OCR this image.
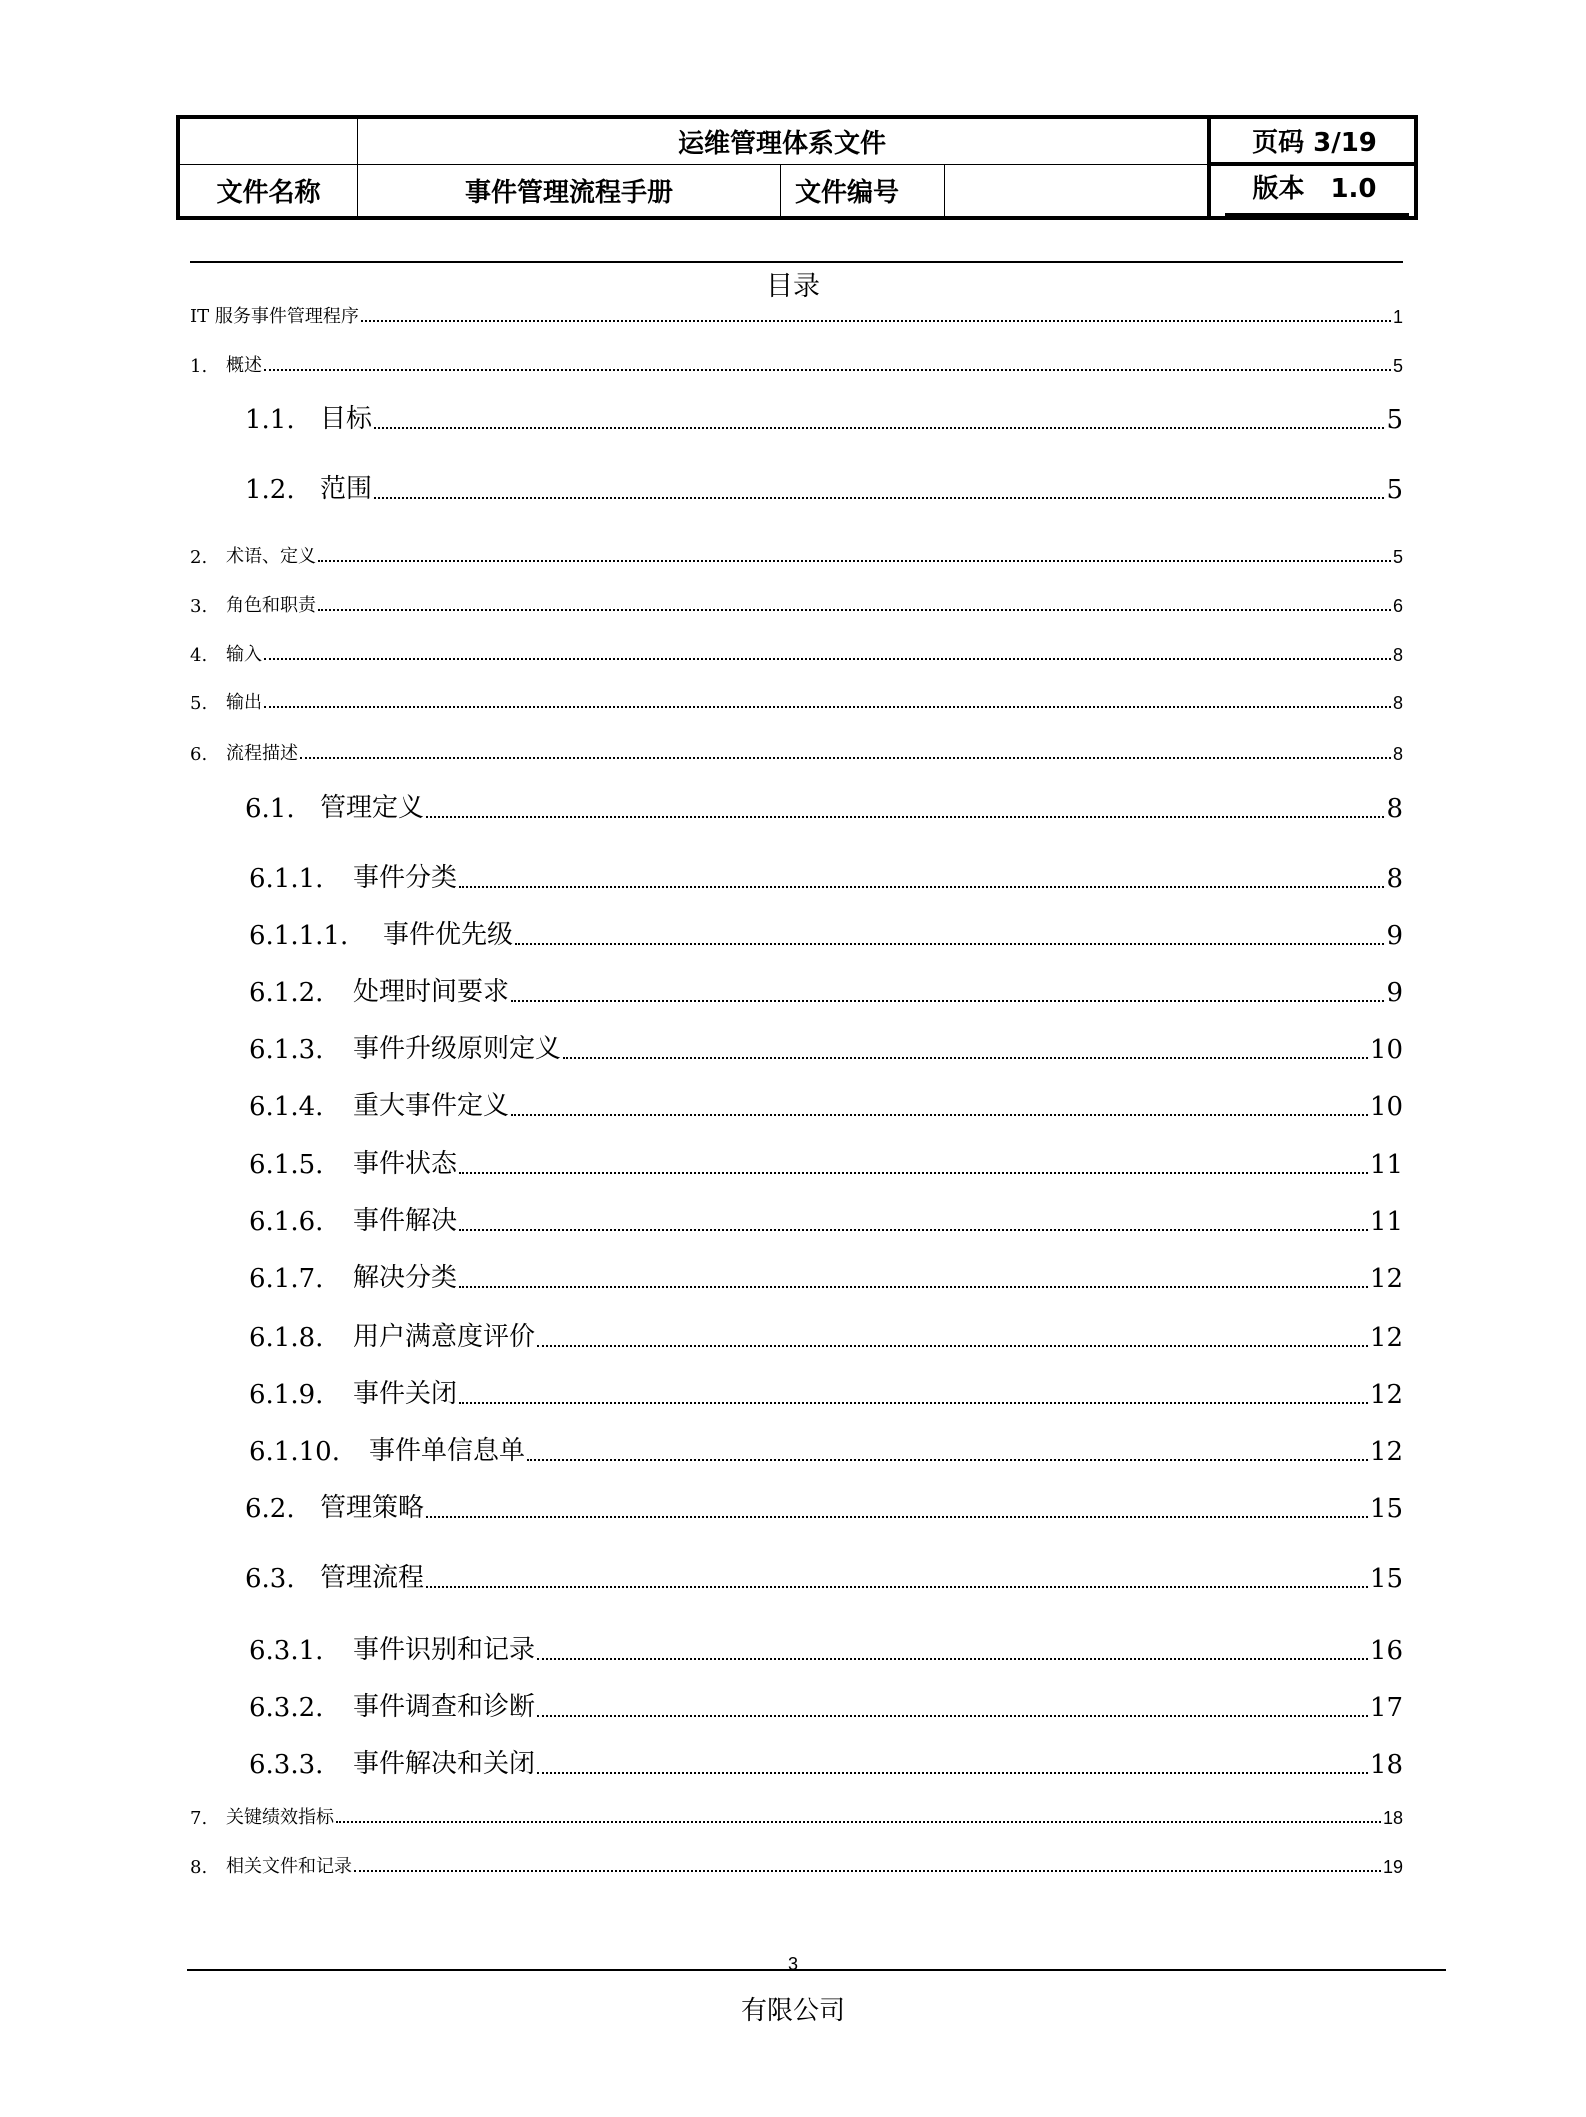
运维管理体系文件	页码 3/19
文件名称	事件管理流程手册	文件编号	版本　1.0
目录
IT 服务事件管理程序	1
1.	概述	5
1.1. 目标	5
1.2. 范围	5
2.	术语、定义	5
3.	角色和职责	6
4.	输入	8
5.	输出	8
6.	流程描述	8
6.1. 管理定义	8
6.1.1.	事件分类	8
6.1.1.1.	事件优先级	9
6.1.2.	处理时间要求	9
6.1.3.	事件升级原则定义	10
6.1.4.	重大事件定义	10
6.1.5.	事件状态	11
6.1.6.	事件解决	11
6.1.7.	解决分类	12
6.1.8.	用户满意度评价	12
6.1.9.	事件关闭	12
6.1.10.	事件单信息单	12
6.2. 管理策略	15
6.3. 管理流程	15
6.3.1.	事件识别和记录	16
6.3.2.	事件调查和诊断	17
6.3.3.	事件解决和关闭	18
7.	关键绩效指标	18
8.	相关文件和记录	19
3
有限公司
